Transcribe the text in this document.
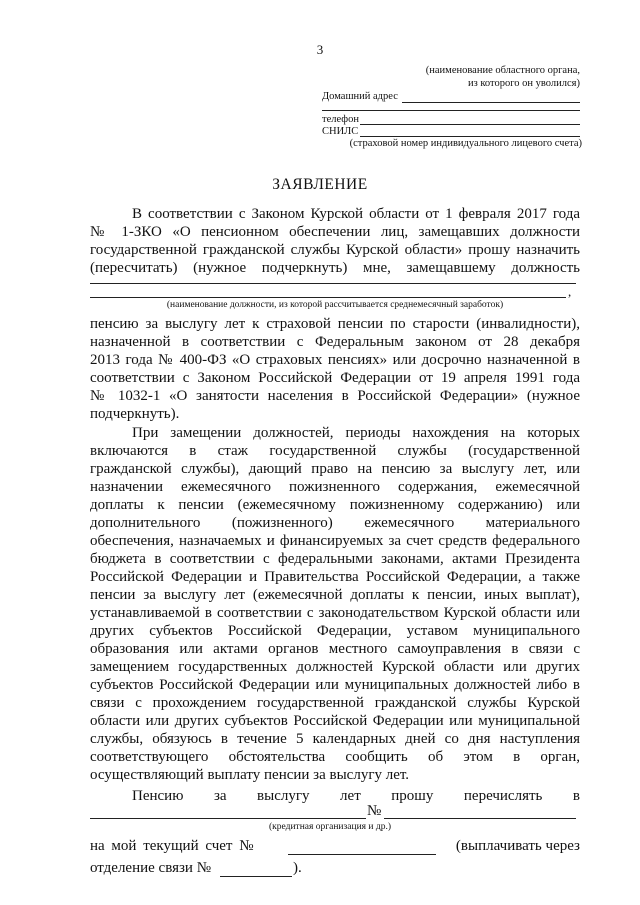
3
(наименование областного органа,
из которого он уволился)
Домашний адрес
телефон
СНИЛС
(страховой номер индивидуального лицевого счета)
ЗАЯВЛЕНИЕ
В соответствии с Законом Курской области от 1 февраля 2017 года
№ 1-ЗКО «О пенсионном обеспечении лиц, замещавших должности
государственной гражданской службы Курской области» прошу назначить
(пересчитать) (нужное подчеркнуть) мне, замещавшему должность
,
(наименование должности, из которой рассчитывается среднемесячный заработок)
пенсию за выслугу лет к страховой пенсии по старости (инвалидности),
назначенной в соответствии с Федеральным законом от 28 декабря
2013 года № 400-ФЗ «О страховых пенсиях» или досрочно назначенной в
соответствии с Законом Российской Федерации от 19 апреля 1991 года
№ 1032-1 «О занятости населения в Российской Федерации» (нужное
подчеркнуть).
При замещении должностей, периоды нахождения на которых
включаются в стаж государственной службы (государственной
гражданской службы), дающий право на пенсию за выслугу лет, или
назначении ежемесячного пожизненного содержания, ежемесячной
доплаты к пенсии (ежемесячному пожизненному содержанию) или
дополнительного (пожизненного) ежемесячного материального
обеспечения, назначаемых и финансируемых за счет средств федерального
бюджета в соответствии с федеральными законами, актами Президента
Российской Федерации и Правительства Российской Федерации, а также
пенсии за выслугу лет (ежемесячной доплаты к пенсии, иных выплат),
устанавливаемой в соответствии с законодательством Курской области или
других субъектов Российской Федерации, уставом муниципального
образования или актами органов местного самоуправления в связи с
замещением государственных должностей Курской области или других
субъектов Российской Федерации или муниципальных должностей либо в
связи с прохождением государственной гражданской службы Курской
области или других субъектов Российской Федерации или муниципальной
службы, обязуюсь в течение 5 календарных дней со дня наступления
соответствующего обстоятельства сообщить об этом в орган,
осуществляющий выплату пенсии за выслугу лет.
Пенсию за выслугу лет прошу перечислять в
№
(кредитная организация и др.)
на мой текущий счет №	(выплачивать через
отделение связи №	).
